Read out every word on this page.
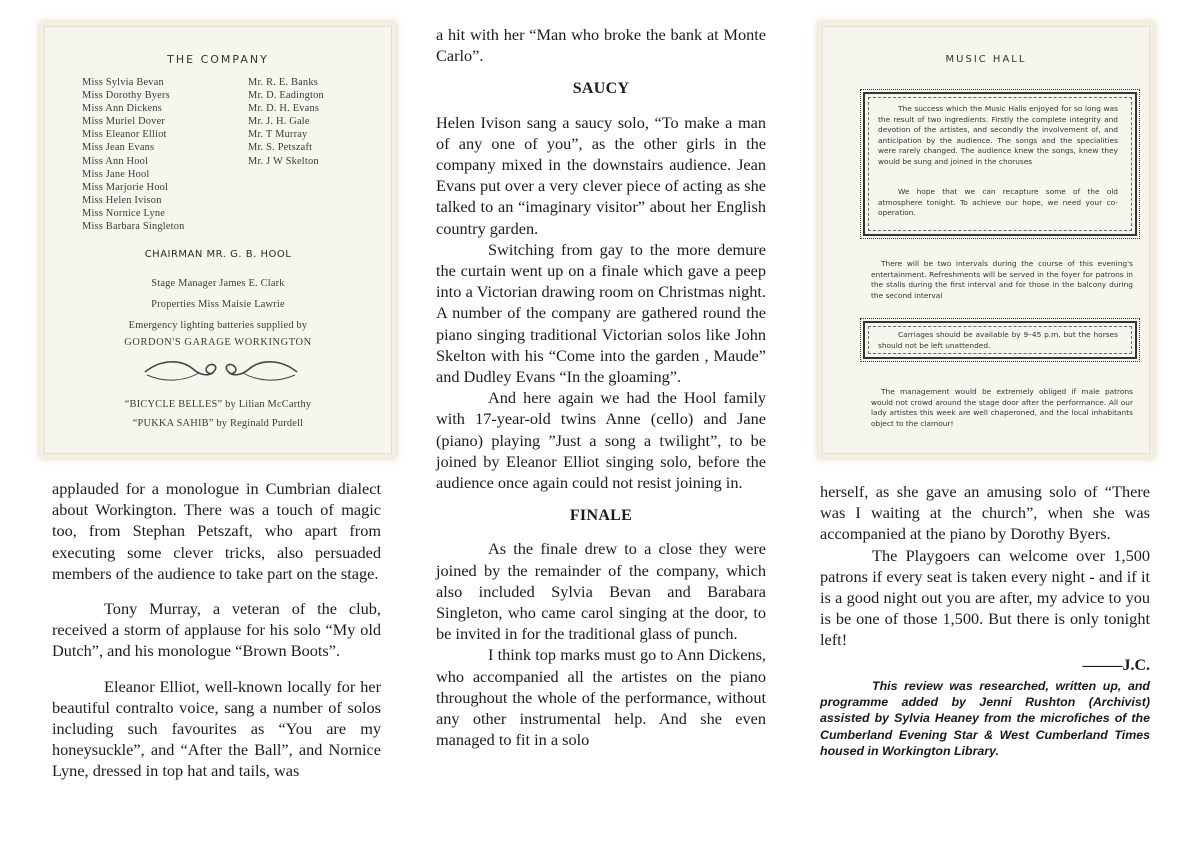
THE COMPANY
Miss Sylvia Bevan
Miss Dorothy Byers
Miss Ann Dickens
Miss Muriel Dover
Miss Eleanor Elliot
Miss Jean Evans
Miss Ann Hool
Miss Jane Hool
Miss Marjorie Hool
Miss Helen Ivison
Miss Nornice Lyne
Miss Barbara Singleton
Mr. R. E. Banks
Mr. D. Eadington
Mr. D. H. Evans
Mr. J. H. Gale
Mr. T Murray
Mr. S. Petszaft
Mr. J W Skelton
CHAIRMAN MR. G. B. HOOL
Stage Manager James E. Clark
Properties Miss Maisie Lawrie
Emergency lighting batteries supplied by
GORDON'S GARAGE WORKINGTON
“BICYCLE BELLES” by Lilian McCarthy
“PUKKA SAHIB” by Reginald Purdell
MUSIC HALL
The success which the Music Halls enjoyed for so long was the result of two ingredients. Firstly the complete integrity and devotion of the artistes, and secondly the involvement of, and anticipation by the audience. The songs and the specialities were rarely changed. The audience knew the songs, knew they would be sung and joined in the choruses
We hope that we can recapture some of the old atmosphere tonight. To achieve our hope, we need your co-operation.
There will be two intervals during the course of this evening's entertainment. Refreshments will be served in the foyer for patrons in the stalls during the first interval and for those in the balcony during the second interval
Carriages should be available by 9–45 p.m. but the horses should not be left unattended.
The management would be extremely obliged if male patrons would not crowd around the stage door after the performance. All our lady artistes this week are well chaperoned, and the local inhabitants object to the clamour!

applauded for a monologue in Cumbrian dialect about Workington. There was a touch of magic too, from Stephan Petszaft, who apart from executing some clever tricks, also persuaded members of the audience to take part on the stage.

Tony Murray, a veteran of the club, received a storm of applause for his solo “My old Dutch”, and his monologue “Brown Boots”.

Eleanor Elliot, well-known locally for her beautiful contralto voice, sang a number of solos including such favourites as “You are my honeysuckle”, and “After the Ball”, and Nornice Lyne, dressed in top hat and tails, was

a hit with her “Man who broke the bank at Monte Carlo”.

SAUCY

Helen Ivison sang a saucy solo, “To make a man of any one of you”, as the other girls in the company mixed in the downstairs audience. Jean Evans put over a very clever piece of acting as she talked to an “imaginary visitor” about her English country garden.

Switching from gay to the more demure the curtain went up on a finale which gave a peep into a Victorian drawing room on Christmas night. A number of the company are gathered round the piano singing traditional Victorian solos like John Skelton with his “Come into the garden , Maude” and Dudley Evans “In the gloaming”.

And here again we had the Hool family with 17-year-old twins Anne (cello) and Jane (piano) playing ”Just a song a twilight”, to be joined by Eleanor Elliot singing solo, before the audience once again could not resist joining in.

FINALE

As the finale drew to a close they were joined by the remainder of the company, which also included Sylvia Bevan and Barabara Singleton, who came carol singing at the door, to be invited in for the traditional glass of punch.

I think top marks must go to Ann Dickens, who accompanied all the artistes on the piano throughout the whole of the performance, without any other instrumental help. And she even managed to fit in a solo

herself, as she gave an amusing solo of “There was I waiting at the church”, when she was accompanied at the piano by Dorothy Byers.

The Playgoers can welcome over 1,500 patrons if every seat is taken every night - and if it is a good night out you are after, my advice to you is be one of those 1,500. But there is only tonight left!

–––––J.C.
This review was researched, written up, and programme added by Jenni Rushton (Archivist) assisted by Sylvia Heaney from the microfiches of the Cumberland Evening Star & West Cumberland Times housed in Workington Library.
